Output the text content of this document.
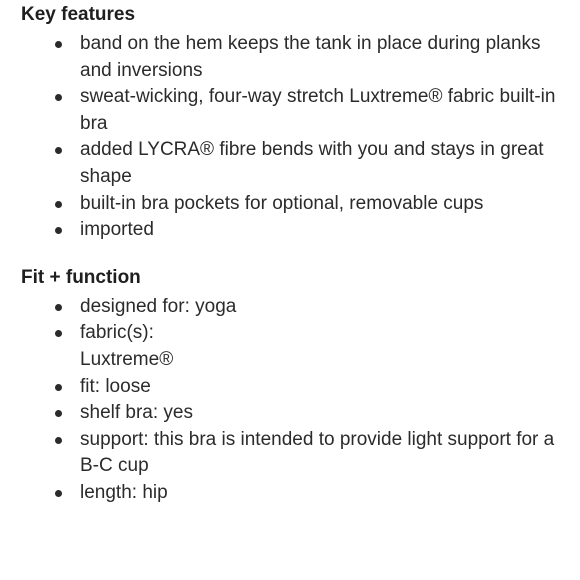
Key features
band on the hem keeps the tank in place during planks and inversions
sweat-wicking, four-way stretch Luxtreme® fabric built-in bra
added LYCRA® fibre bends with you and stays in great shape
built-in bra pockets for optional, removable cups
imported
Fit + function
designed for: yoga
fabric(s):
Luxtreme®
fit: loose
shelf bra: yes
support: this bra is intended to provide light support for a B-C cup
length: hip
